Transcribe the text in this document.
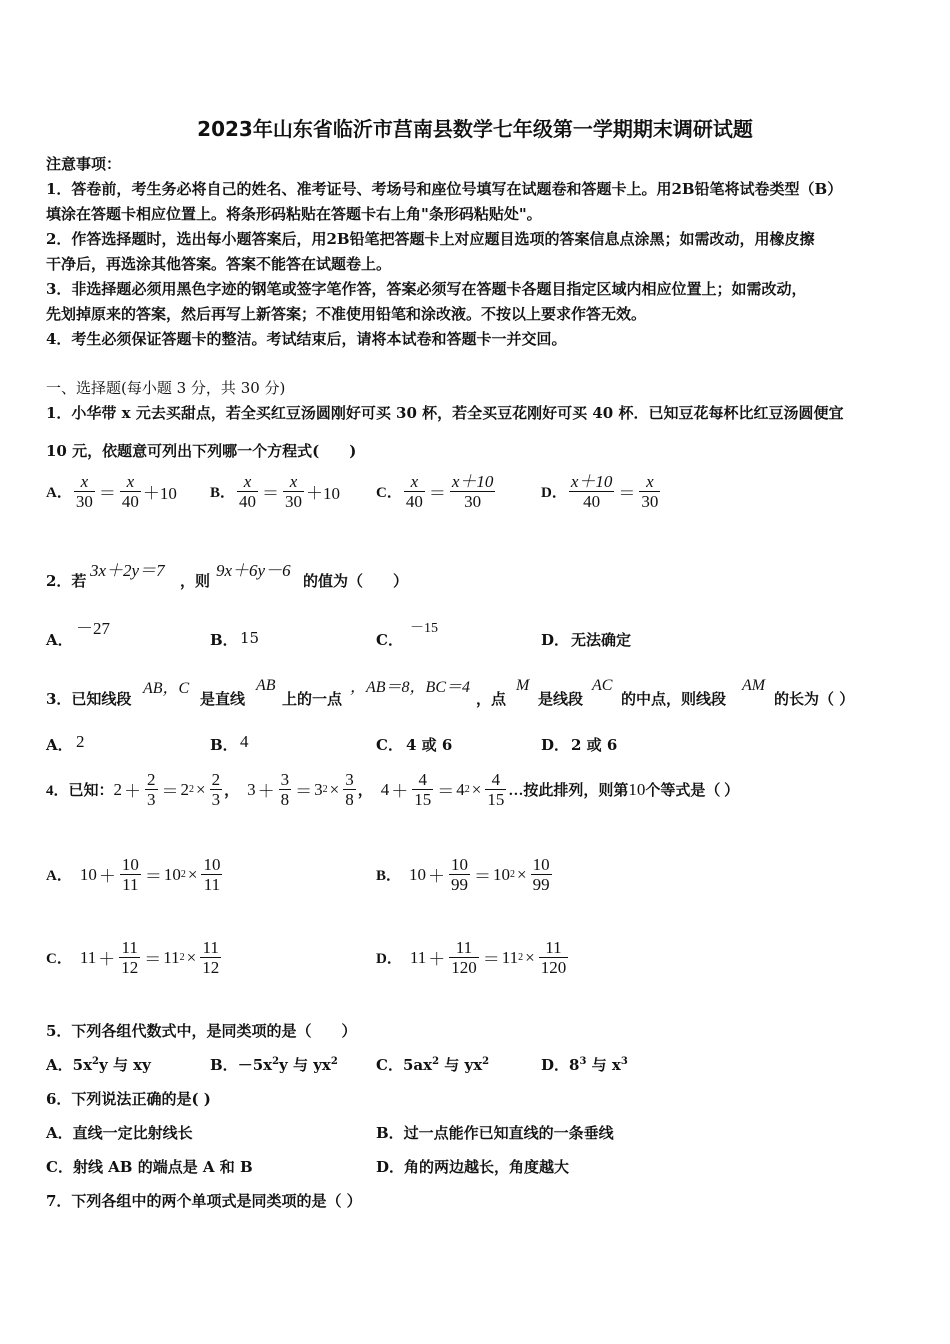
2023年山东省临沂市莒南县数学七年级第一学期期末调研试题
注意事项：
1．答卷前，考生务必将自己的姓名、准考证号、考场号和座位号填写在试题卷和答题卡上。用2B铅笔将试卷类型（B）
填涂在答题卡相应位置上。将条形码粘贴在答题卡右上角"条形码粘贴处"。
2．作答选择题时，选出每小题答案后，用2B铅笔把答题卡上对应题目选项的答案信息点涂黑；如需改动，用橡皮擦
干净后，再选涂其他答案。答案不能答在试题卷上。
3．非选择题必须用黑色字迹的钢笔或签字笔作答，答案必须写在答题卡各题目指定区域内相应位置上；如需改动，
先划掉原来的答案，然后再写上新答案；不准使用铅笔和涂改液。不按以上要求作答无效。
4．考生必须保证答题卡的整洁。考试结束后，请将本试卷和答题卡一并交回。
一、选择题(每小题 3 分，共 30 分)
1．小华带 x 元去买甜点，若全买红豆汤圆刚好可买 30 杯，若全买豆花刚好可买 40 杯．已知豆花每杯比红豆汤圆便宜
10 元，依题意可列出下列哪一个方程式(　　)
A． $\frac{x}{30} = \frac{x}{40} +10$ B． $\frac{x}{40} = \frac{x}{30} +10$ C． $\frac{x}{40} = \frac{x+10}{30}$	D． $\frac{x+10}{40} = \frac{x}{30}$
2．若
3x＋2y＝7
，则
9x＋6y－6
的值为（　　）
A．
－27
B． 15	C．
－15
D． 无法确定
3．已知线段
AB，C
是直线
AB
上的一点
，AB＝8，BC＝4
，点
M
是线段
AC
的中点，则线段
AM
的长为（ ）
A． 2	B． 4	C． 4 或 6	D． 2 或 6
4．已知： $2 + \frac{2}{3} = 2$ $2 \times \frac{2}{3}$ ， $3 + \frac{3}{8} = 3$ $2 \times \frac{3}{8}$ ， $4 + \frac{4}{15} = 4$ $2 \times \frac{4}{15}$ …按此排列，则第 10 个等式是（ ）
A． $10 + \frac{10}{11} = 10$ $2 \times \frac{10}{11}$	B． $10 + \frac{10}{99} = 10$ $2 \times \frac{10}{99}$
C． $11 + \frac{11}{12} = 11$ $2 \times \frac{11}{12}$	D． $11 + \frac{11}{120} = 11$ $2 \times \frac{11}{120}$
5．下列各组代数式中，是同类项的是（　　）
A．$5x^2y$ 与 xy	B．$-5x^2y$ 与 $yx^2$	C．$5ax^2$ 与 $yx^2$	D．$8^3$ 与 $x^3$
6．下列说法正确的是( )
A．直线一定比射线长	B．过一点能作已知直线的一条垂线
C．射线 AB 的端点是 A 和 B	D．角的两边越长，角度越大
7．下列各组中的两个单项式是同类项的是（ ）
